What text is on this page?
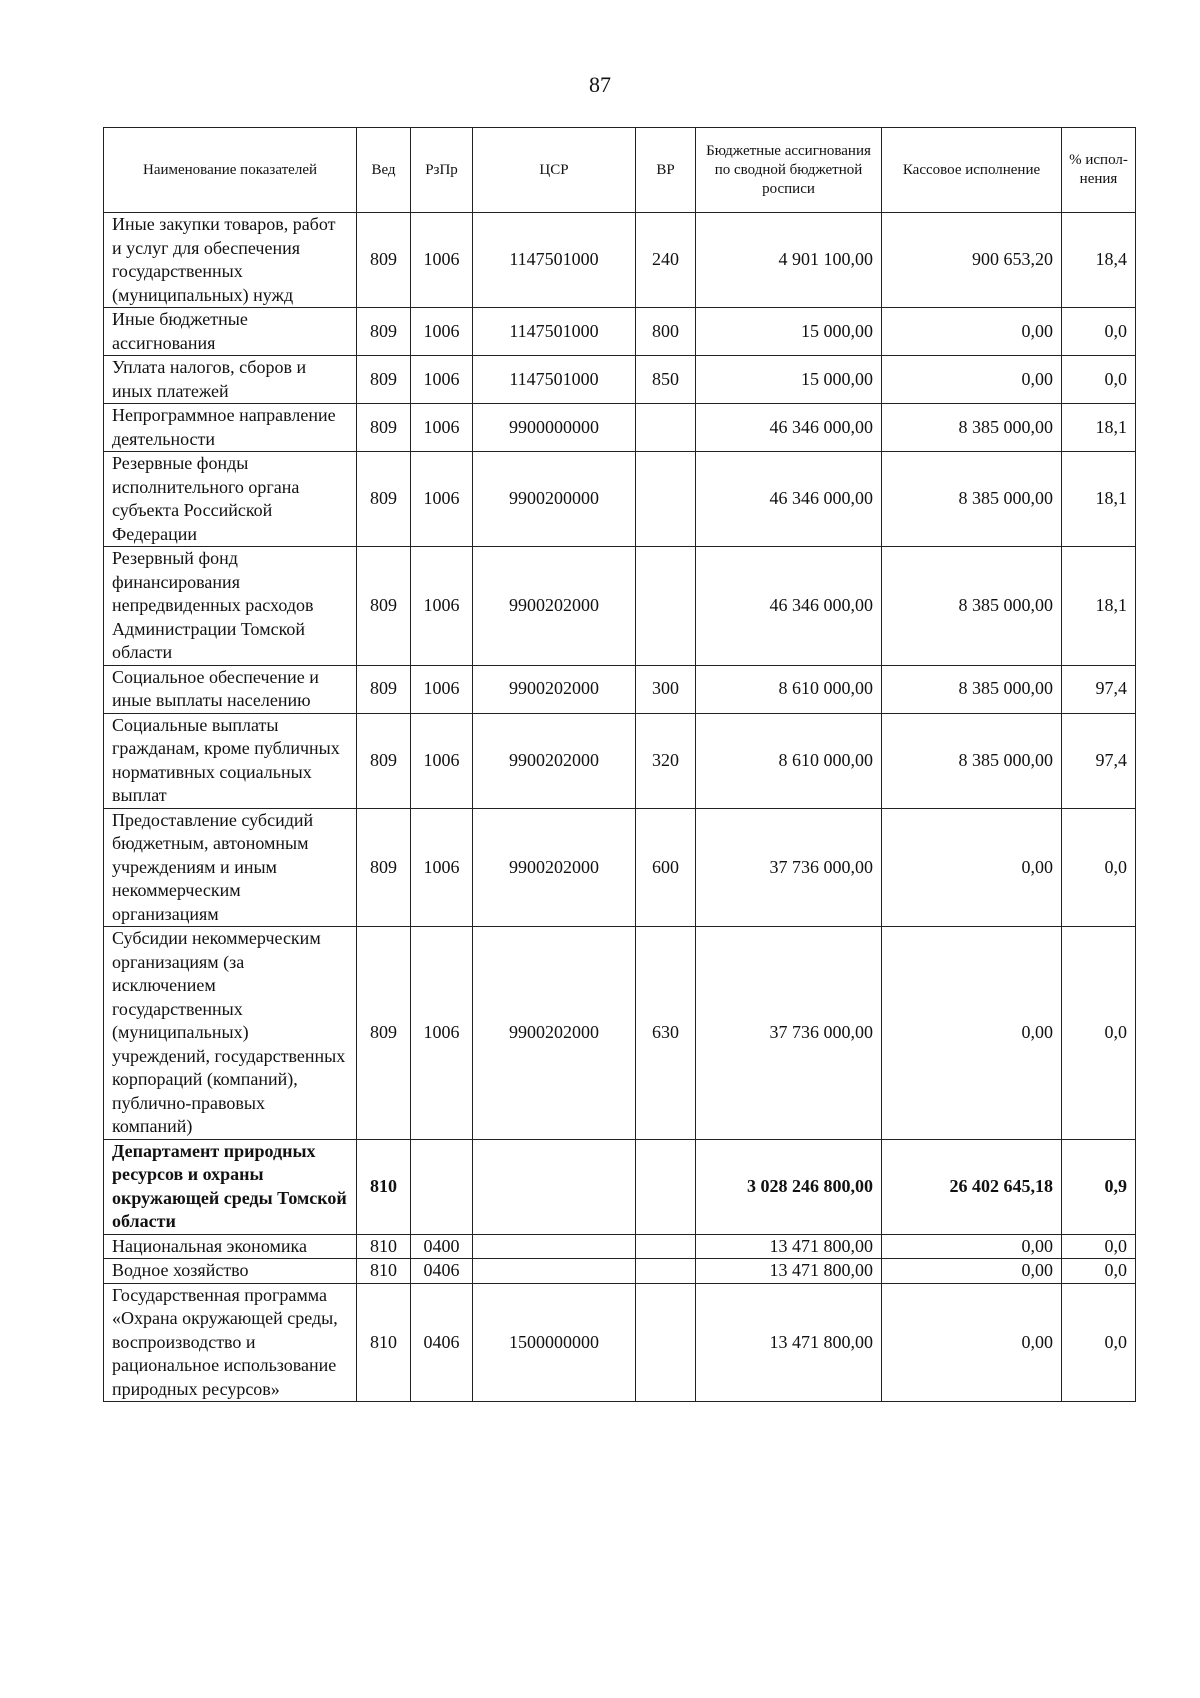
87
Наименование показателей	Вед	РзПр	ЦСР	ВР	Бюджетные ассигнования по сводной бюджетной росписи	Кассовое исполнение	% испол-нения
Иные закупки товаров, работ и услуг для обеспечения государственных (муниципальных) нужд	809	1006	1147501000	240	4 901 100,00	900 653,20	18,4
Иные бюджетные ассигнования	809	1006	1147501000	800	15 000,00	0,00	0,0
Уплата налогов, сборов и иных платежей	809	1006	1147501000	850	15 000,00	0,00	0,0
Непрограммное направление деятельности	809	1006	9900000000		46 346 000,00	8 385 000,00	18,1
Резервные фонды исполнительного органа субъекта Российской Федерации	809	1006	9900200000		46 346 000,00	8 385 000,00	18,1
Резервный фонд финансирования непредвиденных расходов Администрации Томской области	809	1006	9900202000		46 346 000,00	8 385 000,00	18,1
Социальное обеспечение и иные выплаты населению	809	1006	9900202000	300	8 610 000,00	8 385 000,00	97,4
Социальные выплаты гражданам, кроме публичных нормативных социальных выплат	809	1006	9900202000	320	8 610 000,00	8 385 000,00	97,4
Предоставление субсидий бюджетным, автономным учреждениям и иным некоммерческим организациям	809	1006	9900202000	600	37 736 000,00	0,00	0,0
Субсидии некоммерческим организациям (за исключением государственных (муниципальных) учреждений, государственных корпораций (компаний), публично-правовых компаний)	809	1006	9900202000	630	37 736 000,00	0,00	0,0
Департамент природных ресурсов и охраны окружающей среды Томской области	810				3 028 246 800,00	26 402 645,18	0,9
Национальная экономика	810	0400			13 471 800,00	0,00	0,0
Водное хозяйство	810	0406			13 471 800,00	0,00	0,0
Государственная программа «Охрана окружающей среды, воспроизводство и рациональное использование природных ресурсов»	810	0406	1500000000		13 471 800,00	0,00	0,0
